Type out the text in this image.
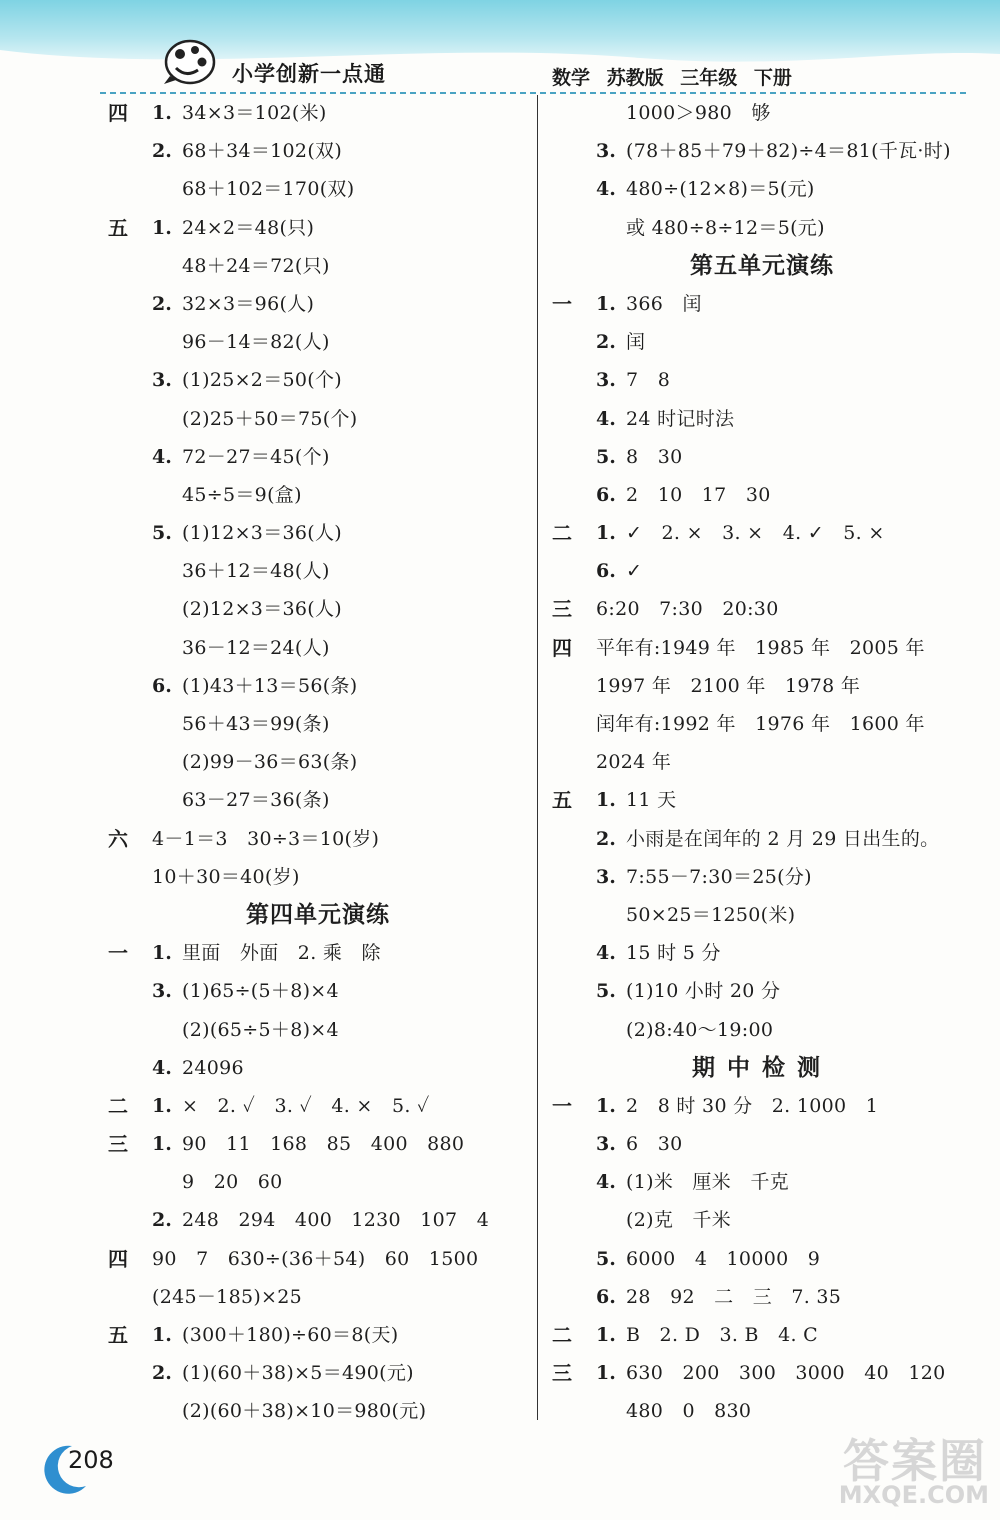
小学创新一点通	数学 苏教版 三年级 下册
四 1. 34×3＝102(米)
2. 68＋34＝102(双)
68＋102＝170(双)
五 1. 24×2＝48(只)
48＋24＝72(只)
2. 32×3＝96(人)
96－14＝82(人)
3. (1)25×2＝50(个)
(2)25＋50＝75(个)
4. 72－27＝45(个)
45÷5＝9(盒)
5. (1)12×3＝36(人)
36＋12＝48(人)
(2)12×3＝36(人)
36－12＝24(人)
6. (1)43＋13＝56(条)
56＋43＝99(条)
(2)99－36＝63(条)
63－27＝36(条)
六 4－1＝3　30÷3＝10(岁)
10＋30＝40(岁)
第四单元演练
一 1. 里面　外面　2. 乘　除
3. (1)65÷(5＋8)×4
(2)(65÷5＋8)×4
4. 24096
二 1. ×　2. ✓　3. ✓　4. ×　5. ✓
三 1. 90　11　168　85　400　880
9　20　60
2. 248　294　400　1230　107　4
四 90　7　630÷(36＋54)　60　1500
(245－185)×25
五 1. (300＋180)÷60＝8(天)
2. (1)(60＋38)×5＝490(元)
(2)(60＋38)×10＝980(元)
1000＞980　够
3. (78＋85＋79＋82)÷4＝81(千瓦·时)
4. 480÷(12×8)＝5(元)
或 480÷8÷12＝5(元)
第五单元演练
一 1. 366　闰
2. 闰
3. 7　8
4. 24 时记时法
5. 8　30
6. 2　10　17　30
二 1. ✓　2. ×　3. ×　4. ✓　5. ×
6. ✓
三 6:20　7:30　20:30
四 平年有:1949 年　1985 年　2005 年
1997 年　2100 年　1978 年
闰年有:1992 年　1976 年　1600 年
2024 年
五 1. 11 天
2. 小雨是在闰年的 2 月 29 日出生的。
3. 7:55－7:30＝25(分)
50×25＝1250(米)
4. 15 时 5 分
5. (1)10 小时 20 分
(2)8:40～19:00
期中检测
一 1. 2　8 时 30 分　2. 1000　1
3. 6　30
4. (1)米　厘米　千克
(2)克　千米
5. 6000　4　10000　9
6. 28　92　二　三　7. 35
二 1. B　2. D　3. B　4. C
三 1. 630　200　300　3000　40　120
480　0　830
208	答案圈
MXQE.COM
